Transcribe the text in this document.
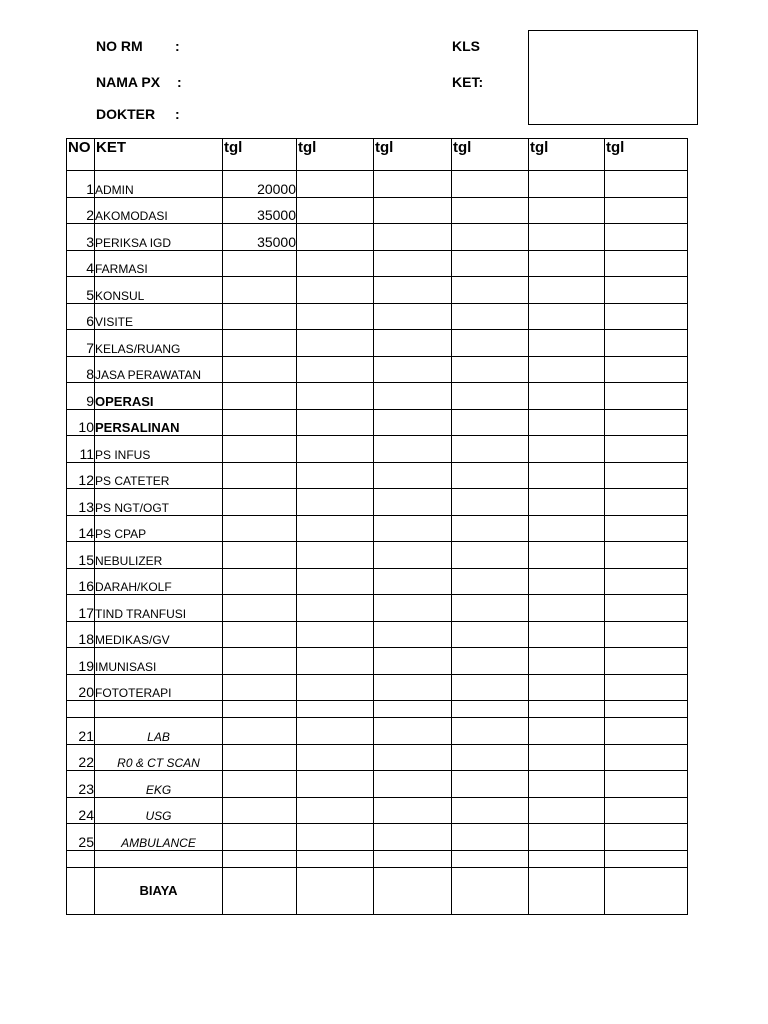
NO RM :
NAMA PX :
DOKTER :
KLS
KET:
NO	KET	tgl	tgl	tgl	tgl	tgl	tgl
1	ADMIN	20000					
2	AKOMODASI	35000					
3	PERIKSA IGD	35000					
4	FARMASI						
5	KONSUL						
6	VISITE						
7	KELAS/RUANG						
8	JASA PERAWATAN						
9	OPERASI						
10	PERSALINAN						
11	PS INFUS						
12	PS CATETER						
13	PS NGT/OGT						
14	PS CPAP						
15	NEBULIZER						
16	DARAH/KOLF						
17	TIND TRANFUSI						
18	MEDIKAS/GV						
19	IMUNISASI						
20	FOTOTERAPI						

21	LAB						
22	R0 & CT SCAN						
23	EKG						
24	USG						
25	AMBULANCE						

	BIAYA						
